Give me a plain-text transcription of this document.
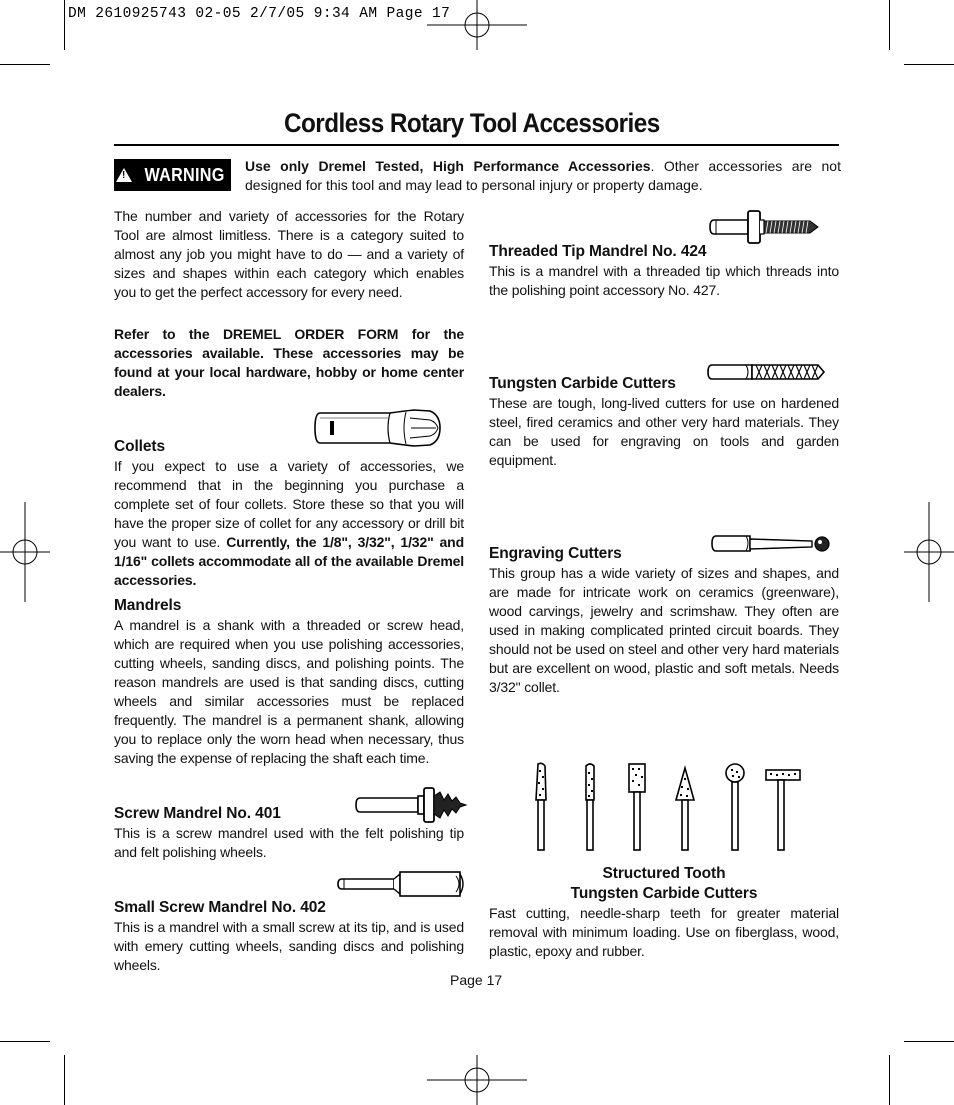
DM 2610925743 02-05 2/7/05 9:34 AM Page 17
Cordless Rotary Tool Accessories
!
WARNING Use only Dremel Tested, High Performance Accessories. Other accessories are not designed for this tool and may lead to personal injury or property damage.

The number and variety of accessories for the Rotary Tool are almost limitless. There is a category suited to almost any job you might have to do — and a variety of sizes and shapes within each category which enables you to get the perfect accessory for every need.

Refer to the DREMEL ORDER FORM for the accessories available. These accessories may be found at your local hardware, hobby or home center dealers.

Collets

If you expect to use a variety of accessories, we recommend that in the beginning you purchase a complete set of four collets. Store these so that you will have the proper size of collet for any accessory or drill bit you want to use. Currently, the 1/8", 3/32", 1/32" and 1/16" collets accommodate all of the available Dremel accessories.

Mandrels

A mandrel is a shank with a threaded or screw head, which are required when you use polishing accessories, cutting wheels, sanding discs, and polishing points. The reason mandrels are used is that sanding discs, cutting wheels and similar accessories must be replaced frequently. The mandrel is a permanent shank, allowing you to replace only the worn head when necessary, thus saving the expense of replacing the shaft each time.

Screw Mandrel No. 401

This is a screw mandrel used with the felt polishing tip and felt polishing wheels.

Small Screw Mandrel No. 402

This is a mandrel with a small screw at its tip, and is used with emery cutting wheels, sanding discs and polishing wheels.

Threaded Tip Mandrel No. 424

This is a mandrel with a threaded tip which threads into the polishing point accessory No. 427.

Tungsten Carbide Cutters

These are tough, long-lived cutters for use on hardened steel, fired ceramics and other very hard materials. They can be used for engraving on tools and garden equipment.

Engraving Cutters

This group has a wide variety of sizes and shapes, and are made for intricate work on ceramics (greenware), wood carvings, jewelry and scrimshaw. They often are used in making complicated printed circuit boards. They should not be used on steel and other very hard materials but are excellent on wood, plastic and soft metals. Needs 3/32" collet.

Structured Tooth
Tungsten Carbide Cutters

Fast cutting, needle-sharp teeth for greater material removal with minimum loading. Use on fiberglass, wood, plastic, epoxy and rubber.

Page 17
